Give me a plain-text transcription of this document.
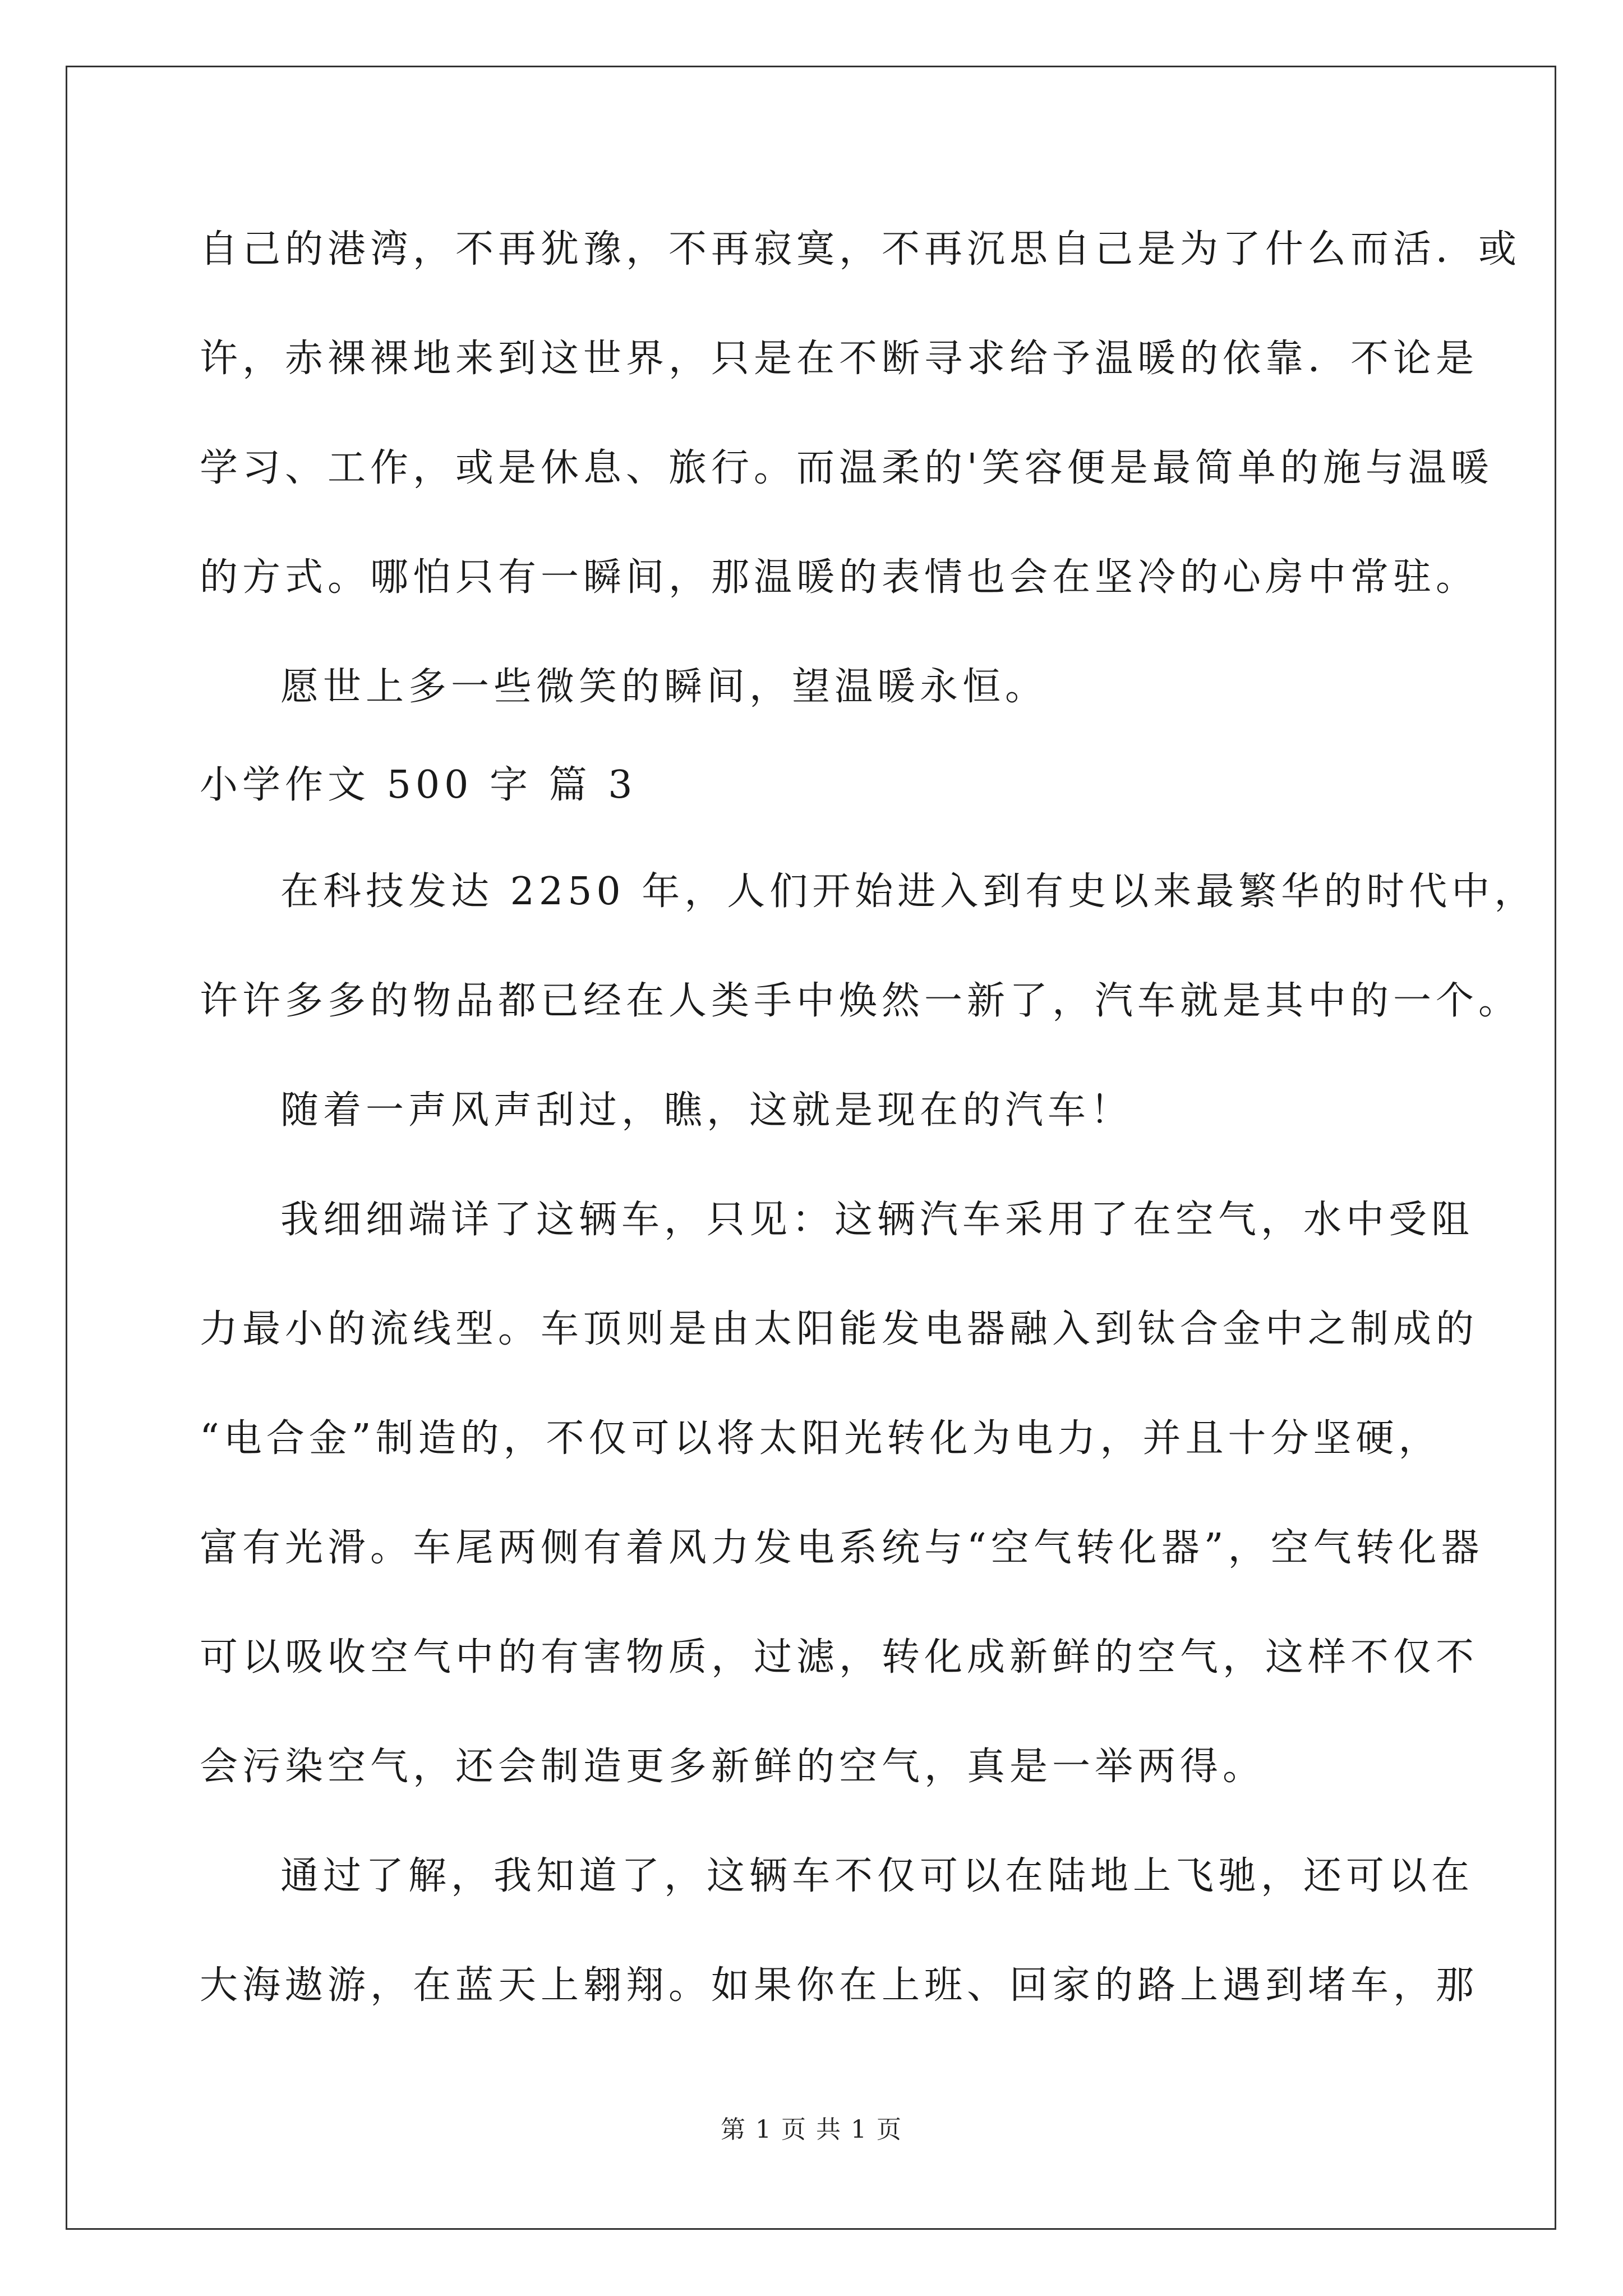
自己的港湾，不再犹豫，不再寂寞，不再沉思自己是为了什么而活．或
许，赤裸裸地来到这世界，只是在不断寻求给予温暖的依靠．不论是
学习、工作，或是休息、旅行。而温柔的'笑容便是最简单的施与温暖
的方式。哪怕只有一瞬间，那温暖的表情也会在坚冷的心房中常驻。
愿世上多一些微笑的瞬间，望温暖永恒。
小学作文 500 字 篇 3
在科技发达 2250 年，人们开始进入到有史以来最繁华的时代中，
许许多多的物品都已经在人类手中焕然一新了，汽车就是其中的一个。
随着一声风声刮过，瞧，这就是现在的汽车！
我细细端详了这辆车，只见：这辆汽车采用了在空气，水中受阻
力最小的流线型。车顶则是由太阳能发电器融入到钛合金中之制成的
“电合金”制造的，不仅可以将太阳光转化为电力，并且十分坚硬，
富有光滑。车尾两侧有着风力发电系统与“空气转化器”，空气转化器
可以吸收空气中的有害物质，过滤，转化成新鲜的空气，这样不仅不
会污染空气，还会制造更多新鲜的空气，真是一举两得。
通过了解，我知道了，这辆车不仅可以在陆地上飞驰，还可以在
大海遨游，在蓝天上翱翔。如果你在上班、回家的路上遇到堵车，那
第 1 页 共 1 页
